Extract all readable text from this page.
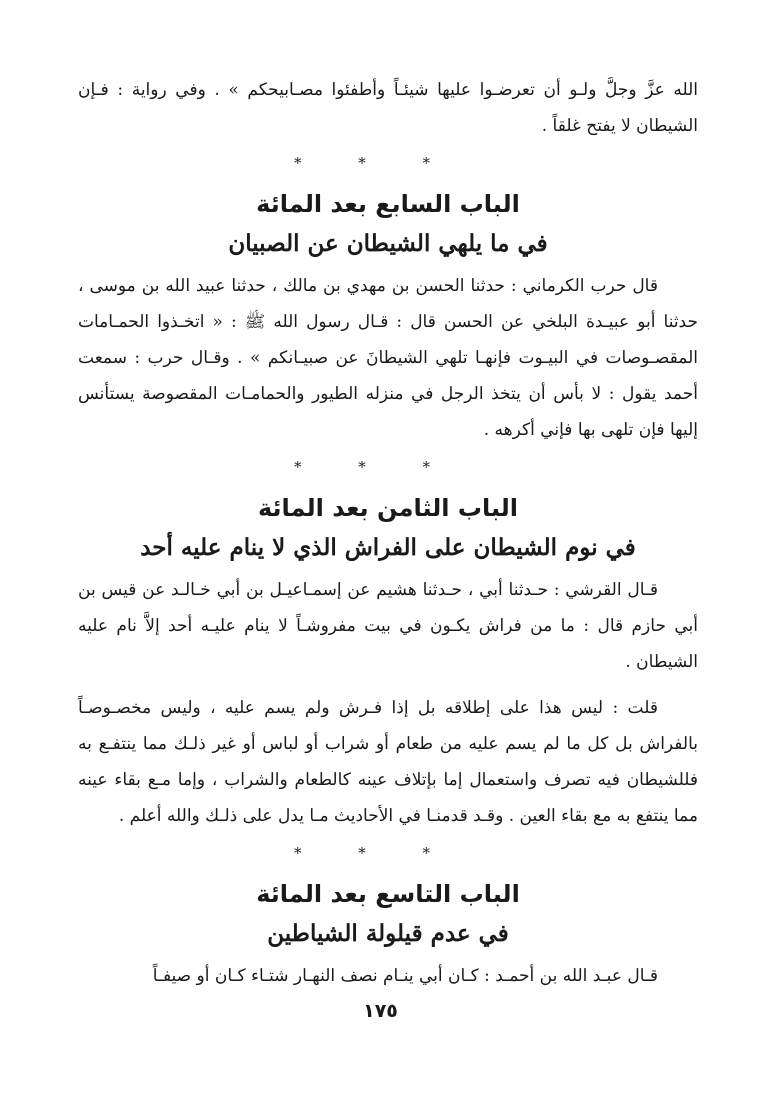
الله عزَّ وجلَّ ولـو أن تعرضـوا عليها شيئـاً وأطفئوا مصـابيحكم » . وفي رواية : فـإن الشيطان لا يفتح غلقاً .

* * *
الباب السابع بعد المائة
في ما يلهي الشيطان عن الصبيان

قال حرب الكرماني : حدثنا الحسن بن مهدي بن مالك ، حدثنا عبيد الله بن موسى ، حدثنا أبو عبيـدة البلخي عن الحسن قال : قـال رسول الله ﷺ : « اتخـذوا الحمـامات المقصـوصات في البيـوت فإنهـا تلهي الشيطانَ عن صبيـانكم » . وقـال حرب : سمعت أحمد يقول : لا بأس أن يتخذ الرجل في منزله الطيور والحمامـات المقصوصة يستأنس إليها فإن تلهى بها فإني أكرهه .

* * *
الباب الثامن بعد المائة
في نوم الشيطان على الفراش الذي لا ينام عليه أحد

قـال القرشي : حـدثنا أبي ، حـدثنا هشيم عن إسمـاعيـل بن أبي خـالـد عن قيس بن أبي حازم قال : ما من فراش يكـون في بيت مفروشـاً لا ينام عليـه أحد إلاَّ نام عليه الشيطان .

قلت : ليس هذا على إطلاقه بل إذا فـرش ولم يسم عليه ، وليس مخصـوصـاً بالفراش بل كل ما لم يسم عليه من طعام أو شراب أو لباس أو غير ذلـك مما ينتفـع به فللشيطان فيه تصرف واستعمال إما بإتلاف عينه كالطعام والشراب ، وإما مـع بقاء عينه مما ينتفع به مع بقاء العين . وقـد قدمنـا في الأحاديث مـا يدل على ذلـك والله أعلم .

* * *
الباب التاسع بعد المائة
في عدم قيلولة الشياطين

قـال عبـد الله بن أحمـد : كـان أبي ينـام نصف النهـار شتـاء كـان أو صيفـاً

١٧٥
